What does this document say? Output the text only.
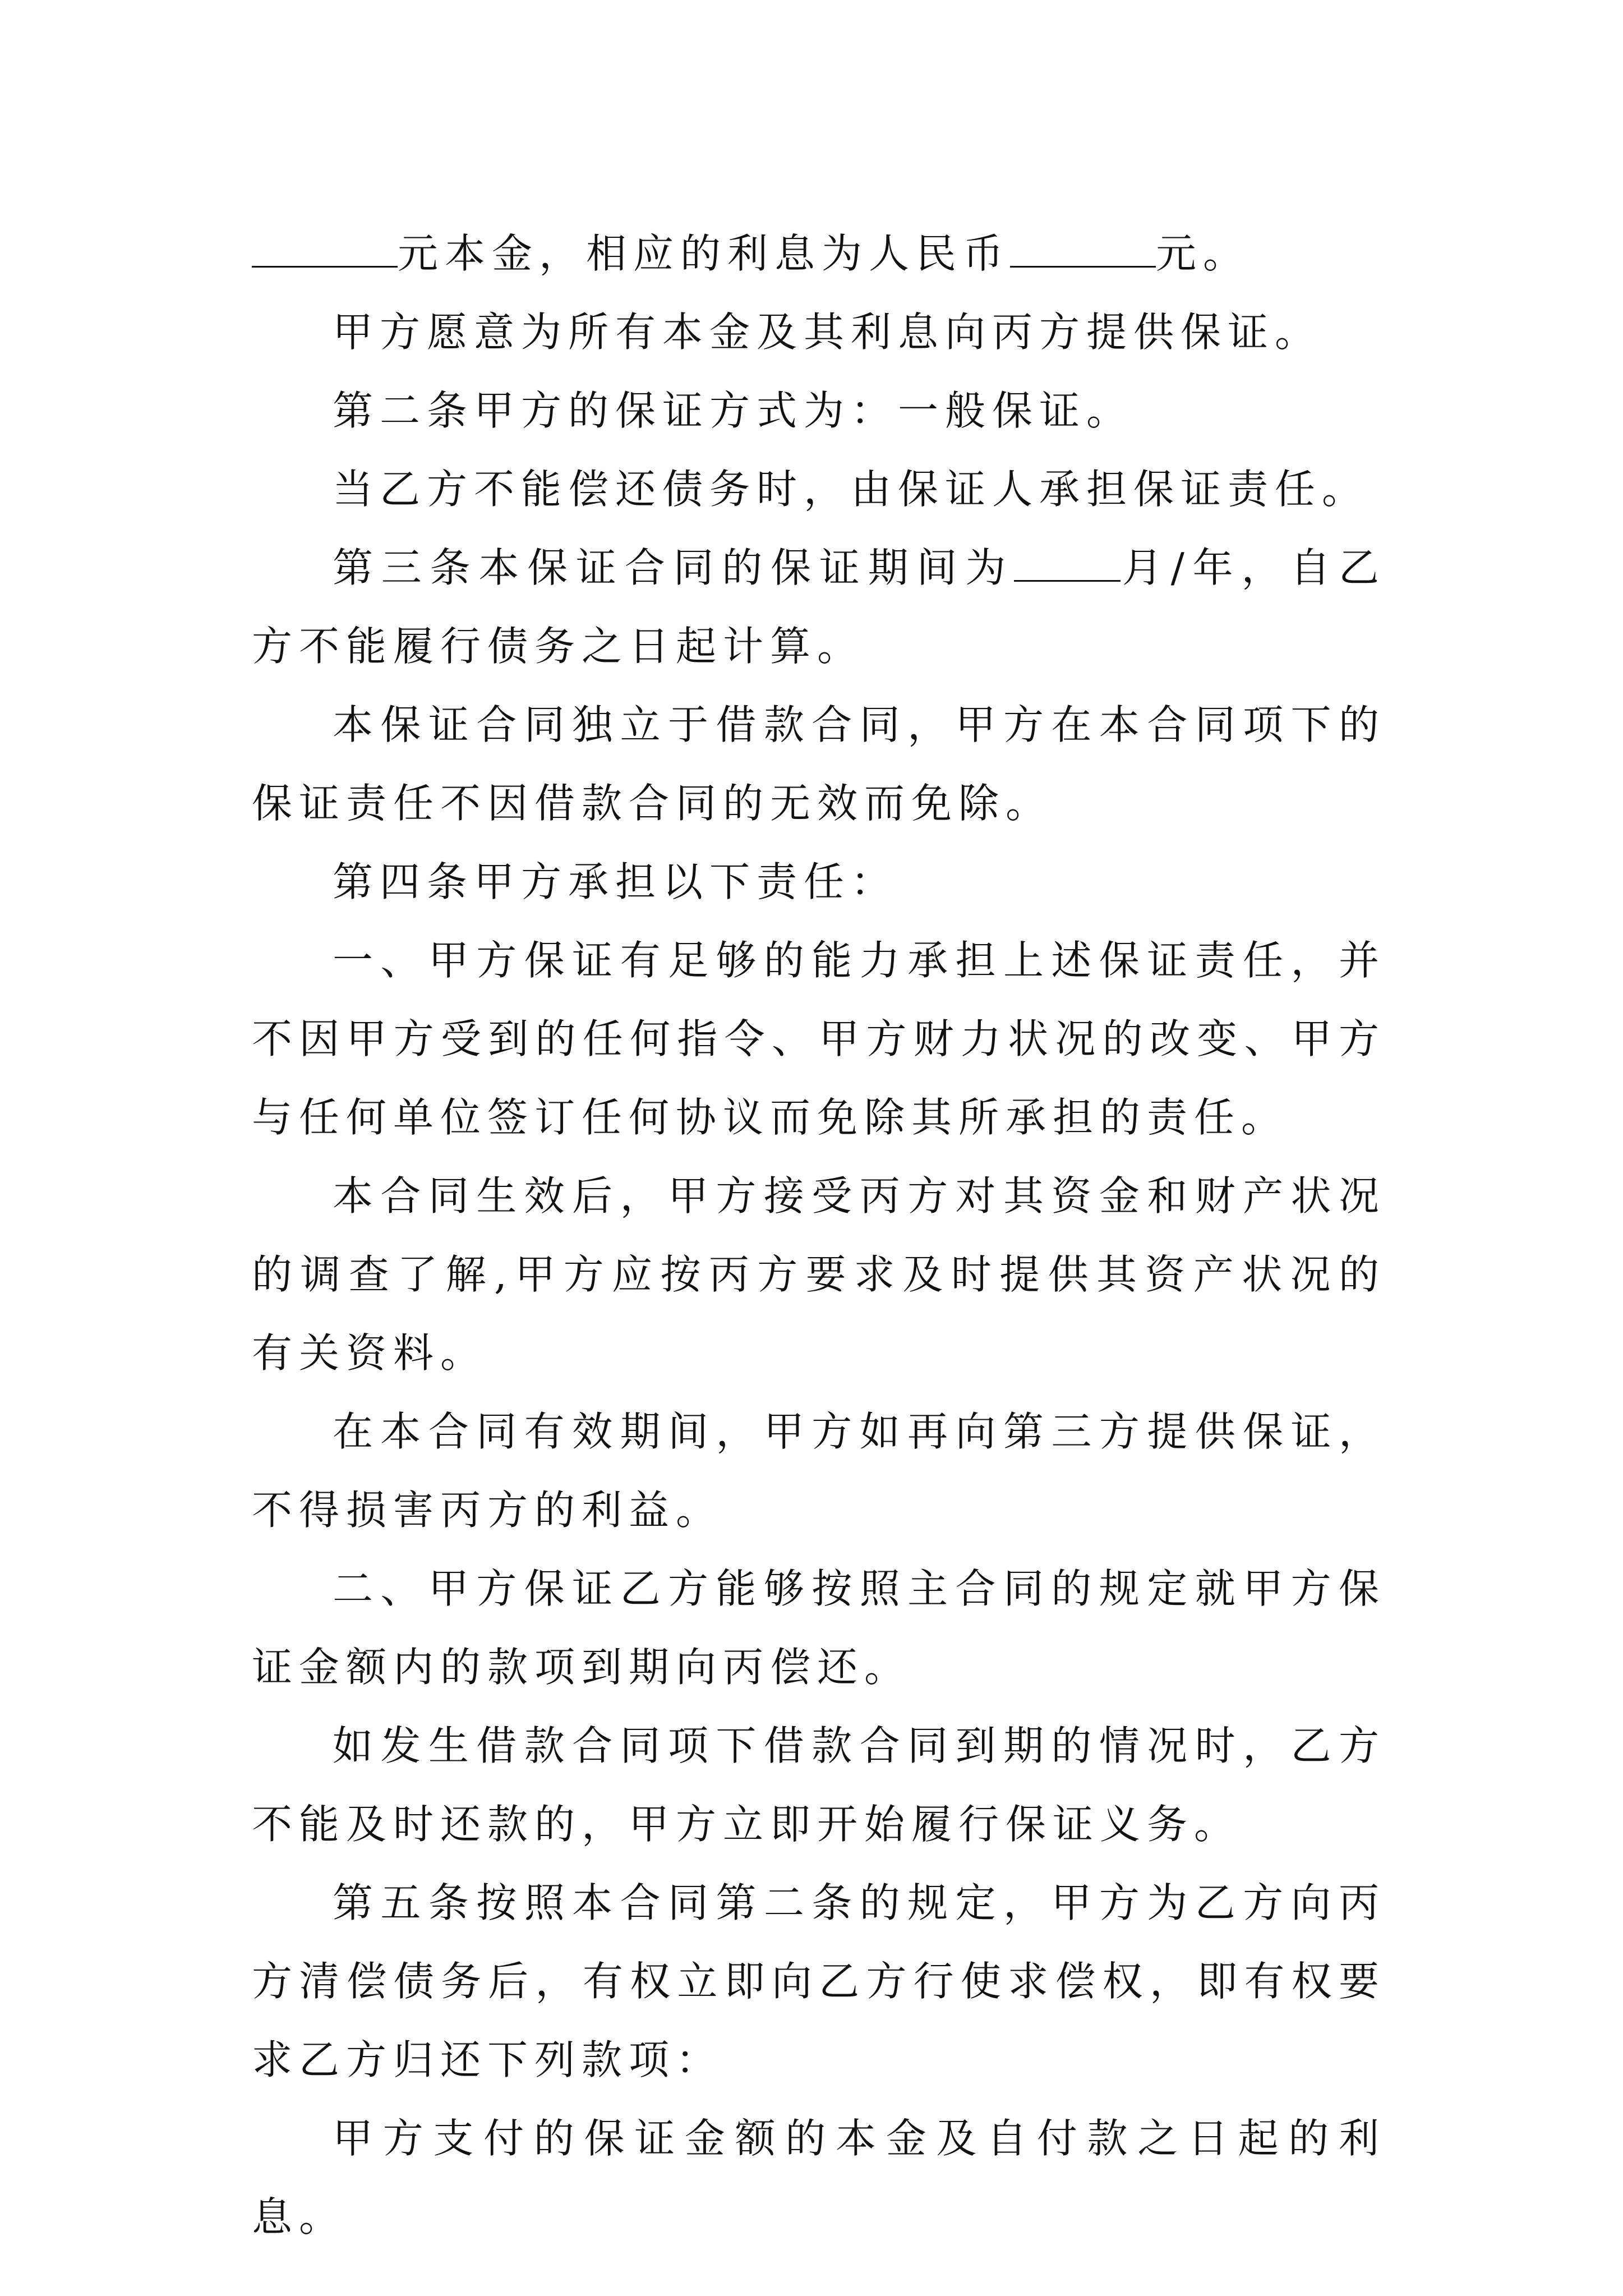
元本金，相应的利息为人民币	元。

甲方愿意为所有本金及其利息向丙方提供保证。

第二条甲方的保证方式为：一般保证。

当乙方不能偿还债务时，由保证人承担保证责任。

第三条本保证合同的保证期间为	月/年，自乙方不能履行债务之日起计算。

本保证合同独立于借款合同，甲方在本合同项下的保证责任不因借款合同的无效而免除。

第四条甲方承担以下责任：

一、甲方保证有足够的能力承担上述保证责任，并不因甲方受到的任何指令、甲方财力状况的改变、甲方与任何单位签订任何协议而免除其所承担的责任。

本合同生效后，甲方接受丙方对其资金和财产状况的调查了解,甲方应按丙方要求及时提供其资产状况的有关资料。

在本合同有效期间，甲方如再向第三方提供保证，不得损害丙方的利益。

二、甲方保证乙方能够按照主合同的规定就甲方保证金额内的款项到期向丙偿还。

如发生借款合同项下借款合同到期的情况时，乙方不能及时还款的，甲方立即开始履行保证义务。

第五条按照本合同第二条的规定，甲方为乙方向丙方清偿债务后，有权立即向乙方行使求偿权，即有权要求乙方归还下列款项：

甲方支付的保证金额的本金及自付款之日起的利息。
